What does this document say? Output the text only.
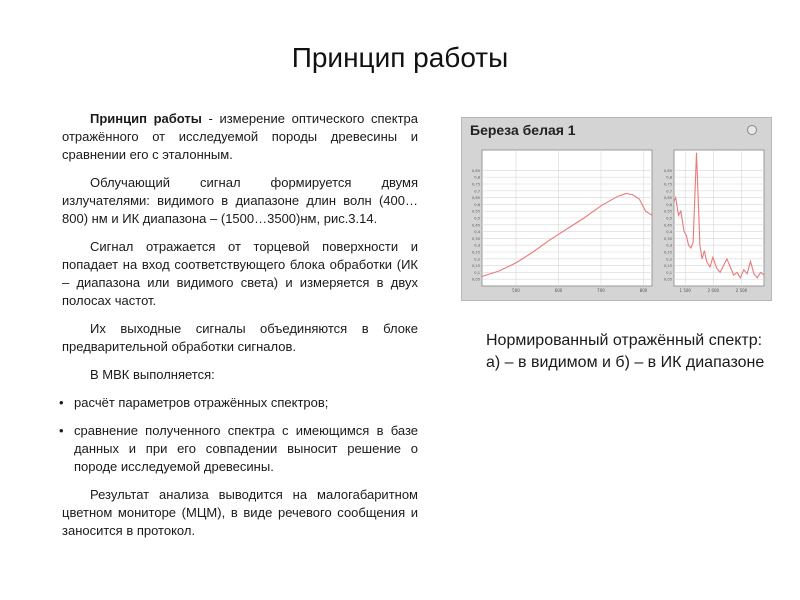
Принцип работы

Принцип работы - измерение оптического спектра отражённого от исследуемой породы древесины и сравнении его с эталонным.

Облучающий сигнал формируется двумя излучателями: видимого в диапазоне длин волн (400…800) нм и ИК диапазона – (1500…3500)нм, рис.3.14.

Сигнал отражается от торцевой поверхности и попадает на вход соответствующего блока обработки (ИК – диапазона или видимого света) и измеряется в двух полосах частот.

Их выходные сигналы объединяются в блоке предварительной обработки сигналов.

В МВК выполняется:

• расчёт параметров отражённых спектров;

• сравнение полученного спектра с имеющимся в базе данных и при его совпадении выносит решение о породе исследуемой древесины.

Результат анализа выводится на малогабаритном цветном мониторе (МЦМ), в виде речевого сообщения и заносится в протокол.

0,05
0,1
0,15
0,2
0,25
0,3
0,35
0,4
0,45
0,5
0,55
0,6
0,65
0,7
0,75
0,8
0,85
500	600	700	800
0,05
0,1
0,15
0,2
0,25
0,3
0,35
0,4
0,45
0,5
0,55
0,6
0,65
0,7
0,75
0,8
0,85
1 500	2 000	2 500
Береза белая 1
Нормированный отражённый спектр: а) – в видимом и б) – в ИК диапазоне
